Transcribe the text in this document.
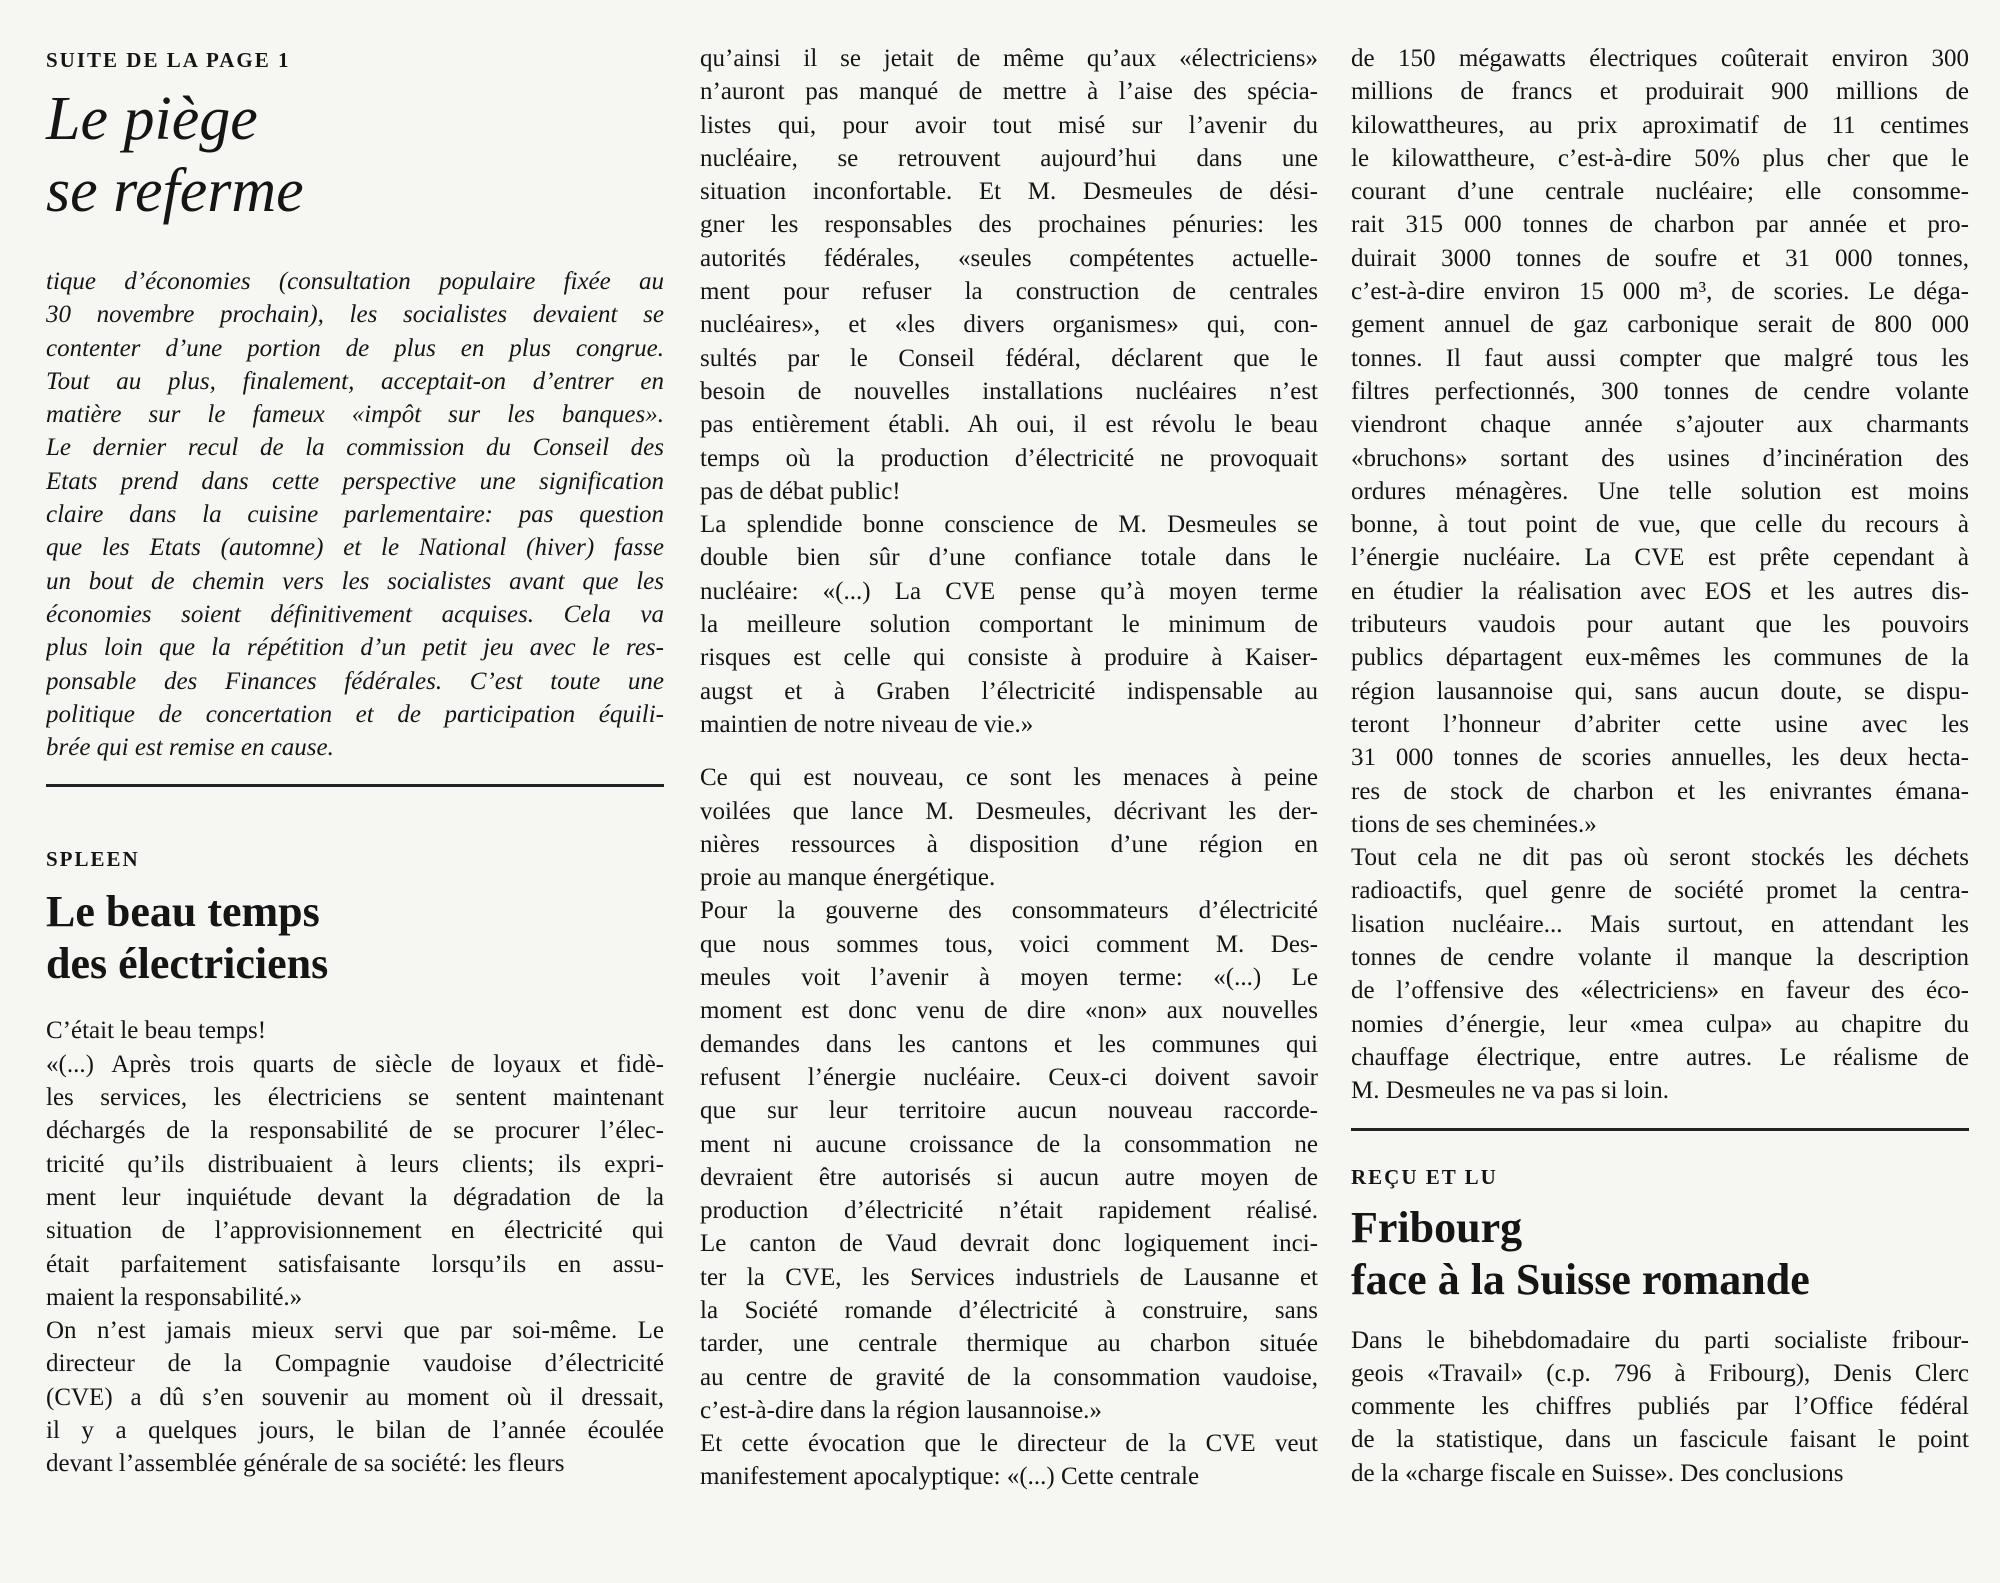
SUITE DE LA PAGE 1
Le piège
se referme
tique d’économies (consultation populaire fixée au
30 novembre prochain), les socialistes devaient se
contenter d’une portion de plus en plus congrue.
Tout au plus, finalement, acceptait-on d’entrer en
matière sur le fameux «impôt sur les banques».
Le dernier recul de la commission du Conseil des
Etats prend dans cette perspective une signification
claire dans la cuisine parlementaire: pas question
que les Etats (automne) et le National (hiver) fasse
un bout de chemin vers les socialistes avant que les
économies soient définitivement acquises. Cela va
plus loin que la répétition d’un petit jeu avec le res-
ponsable des Finances fédérales. C’est toute une
politique de concertation et de participation équili-
brée qui est remise en cause.
SPLEEN
Le beau temps
des électriciens
C’était le beau temps!
«(...) Après trois quarts de siècle de loyaux et fidè-
les services, les électriciens se sentent maintenant
déchargés de la responsabilité de se procurer l’élec-
tricité qu’ils distribuaient à leurs clients; ils expri-
ment leur inquiétude devant la dégradation de la
situation de l’approvisionnement en électricité qui
était parfaitement satisfaisante lorsqu’ils en assu-
maient la responsabilité.»
On n’est jamais mieux servi que par soi-même. Le
directeur de la Compagnie vaudoise d’électricité
(CVE) a dû s’en souvenir au moment où il dressait,
il y a quelques jours, le bilan de l’année écoulée
devant l’assemblée générale de sa société: les fleurs
qu’ainsi il se jetait de même qu’aux «électriciens»
n’auront pas manqué de mettre à l’aise des spécia-
listes qui, pour avoir tout misé sur l’avenir du
nucléaire, se retrouvent aujourd’hui dans une
situation inconfortable. Et M. Desmeules de dési-
gner les responsables des prochaines pénuries: les
autorités fédérales, «seules compétentes actuelle-
ment pour refuser la construction de centrales
nucléaires», et «les divers organismes» qui, con-
sultés par le Conseil fédéral, déclarent que le
besoin de nouvelles installations nucléaires n’est
pas entièrement établi. Ah oui, il est révolu le beau
temps où la production d’électricité ne provoquait
pas de débat public!
La splendide bonne conscience de M. Desmeules se
double bien sûr d’une confiance totale dans le
nucléaire: «(...) La CVE pense qu’à moyen terme
la meilleure solution comportant le minimum de
risques est celle qui consiste à produire à Kaiser-
augst et à Graben l’électricité indispensable au
maintien de notre niveau de vie.»
Ce qui est nouveau, ce sont les menaces à peine
voilées que lance M. Desmeules, décrivant les der-
nières ressources à disposition d’une région en
proie au manque énergétique.
Pour la gouverne des consommateurs d’électricité
que nous sommes tous, voici comment M. Des-
meules voit l’avenir à moyen terme: «(...) Le
moment est donc venu de dire «non» aux nouvelles
demandes dans les cantons et les communes qui
refusent l’énergie nucléaire. Ceux-ci doivent savoir
que sur leur territoire aucun nouveau raccorde-
ment ni aucune croissance de la consommation ne
devraient être autorisés si aucun autre moyen de
production d’électricité n’était rapidement réalisé.
Le canton de Vaud devrait donc logiquement inci-
ter la CVE, les Services industriels de Lausanne et
la Société romande d’électricité à construire, sans
tarder, une centrale thermique au charbon située
au centre de gravité de la consommation vaudoise,
c’est-à-dire dans la région lausannoise.»
Et cette évocation que le directeur de la CVE veut
manifestement apocalyptique: «(...) Cette centrale
de 150 mégawatts électriques coûterait environ 300
millions de francs et produirait 900 millions de
kilowattheures, au prix aproximatif de 11 centimes
le kilowattheure, c’est-à-dire 50% plus cher que le
courant d’une centrale nucléaire; elle consomme-
rait 315 000 tonnes de charbon par année et pro-
duirait 3000 tonnes de soufre et 31 000 tonnes,
c’est-à-dire environ 15 000 m³, de scories. Le déga-
gement annuel de gaz carbonique serait de 800 000
tonnes. Il faut aussi compter que malgré tous les
filtres perfectionnés, 300 tonnes de cendre volante
viendront chaque année s’ajouter aux charmants
«bruchons» sortant des usines d’incinération des
ordures ménagères. Une telle solution est moins
bonne, à tout point de vue, que celle du recours à
l’énergie nucléaire. La CVE est prête cependant à
en étudier la réalisation avec EOS et les autres dis-
tributeurs vaudois pour autant que les pouvoirs
publics départagent eux-mêmes les communes de la
région lausannoise qui, sans aucun doute, se dispu-
teront l’honneur d’abriter cette usine avec les
31 000 tonnes de scories annuelles, les deux hecta-
res de stock de charbon et les enivrantes émana-
tions de ses cheminées.»
Tout cela ne dit pas où seront stockés les déchets
radioactifs, quel genre de société promet la centra-
lisation nucléaire... Mais surtout, en attendant les
tonnes de cendre volante il manque la description
de l’offensive des «électriciens» en faveur des éco-
nomies d’énergie, leur «mea culpa» au chapitre du
chauffage électrique, entre autres. Le réalisme de
M. Desmeules ne va pas si loin.
REÇU ET LU
Fribourg
face à la Suisse romande
Dans le bihebdomadaire du parti socialiste fribour-
geois «Travail» (c.p. 796 à Fribourg), Denis Clerc
commente les chiffres publiés par l’Office fédéral
de la statistique, dans un fascicule faisant le point
de la «charge fiscale en Suisse». Des conclusions
